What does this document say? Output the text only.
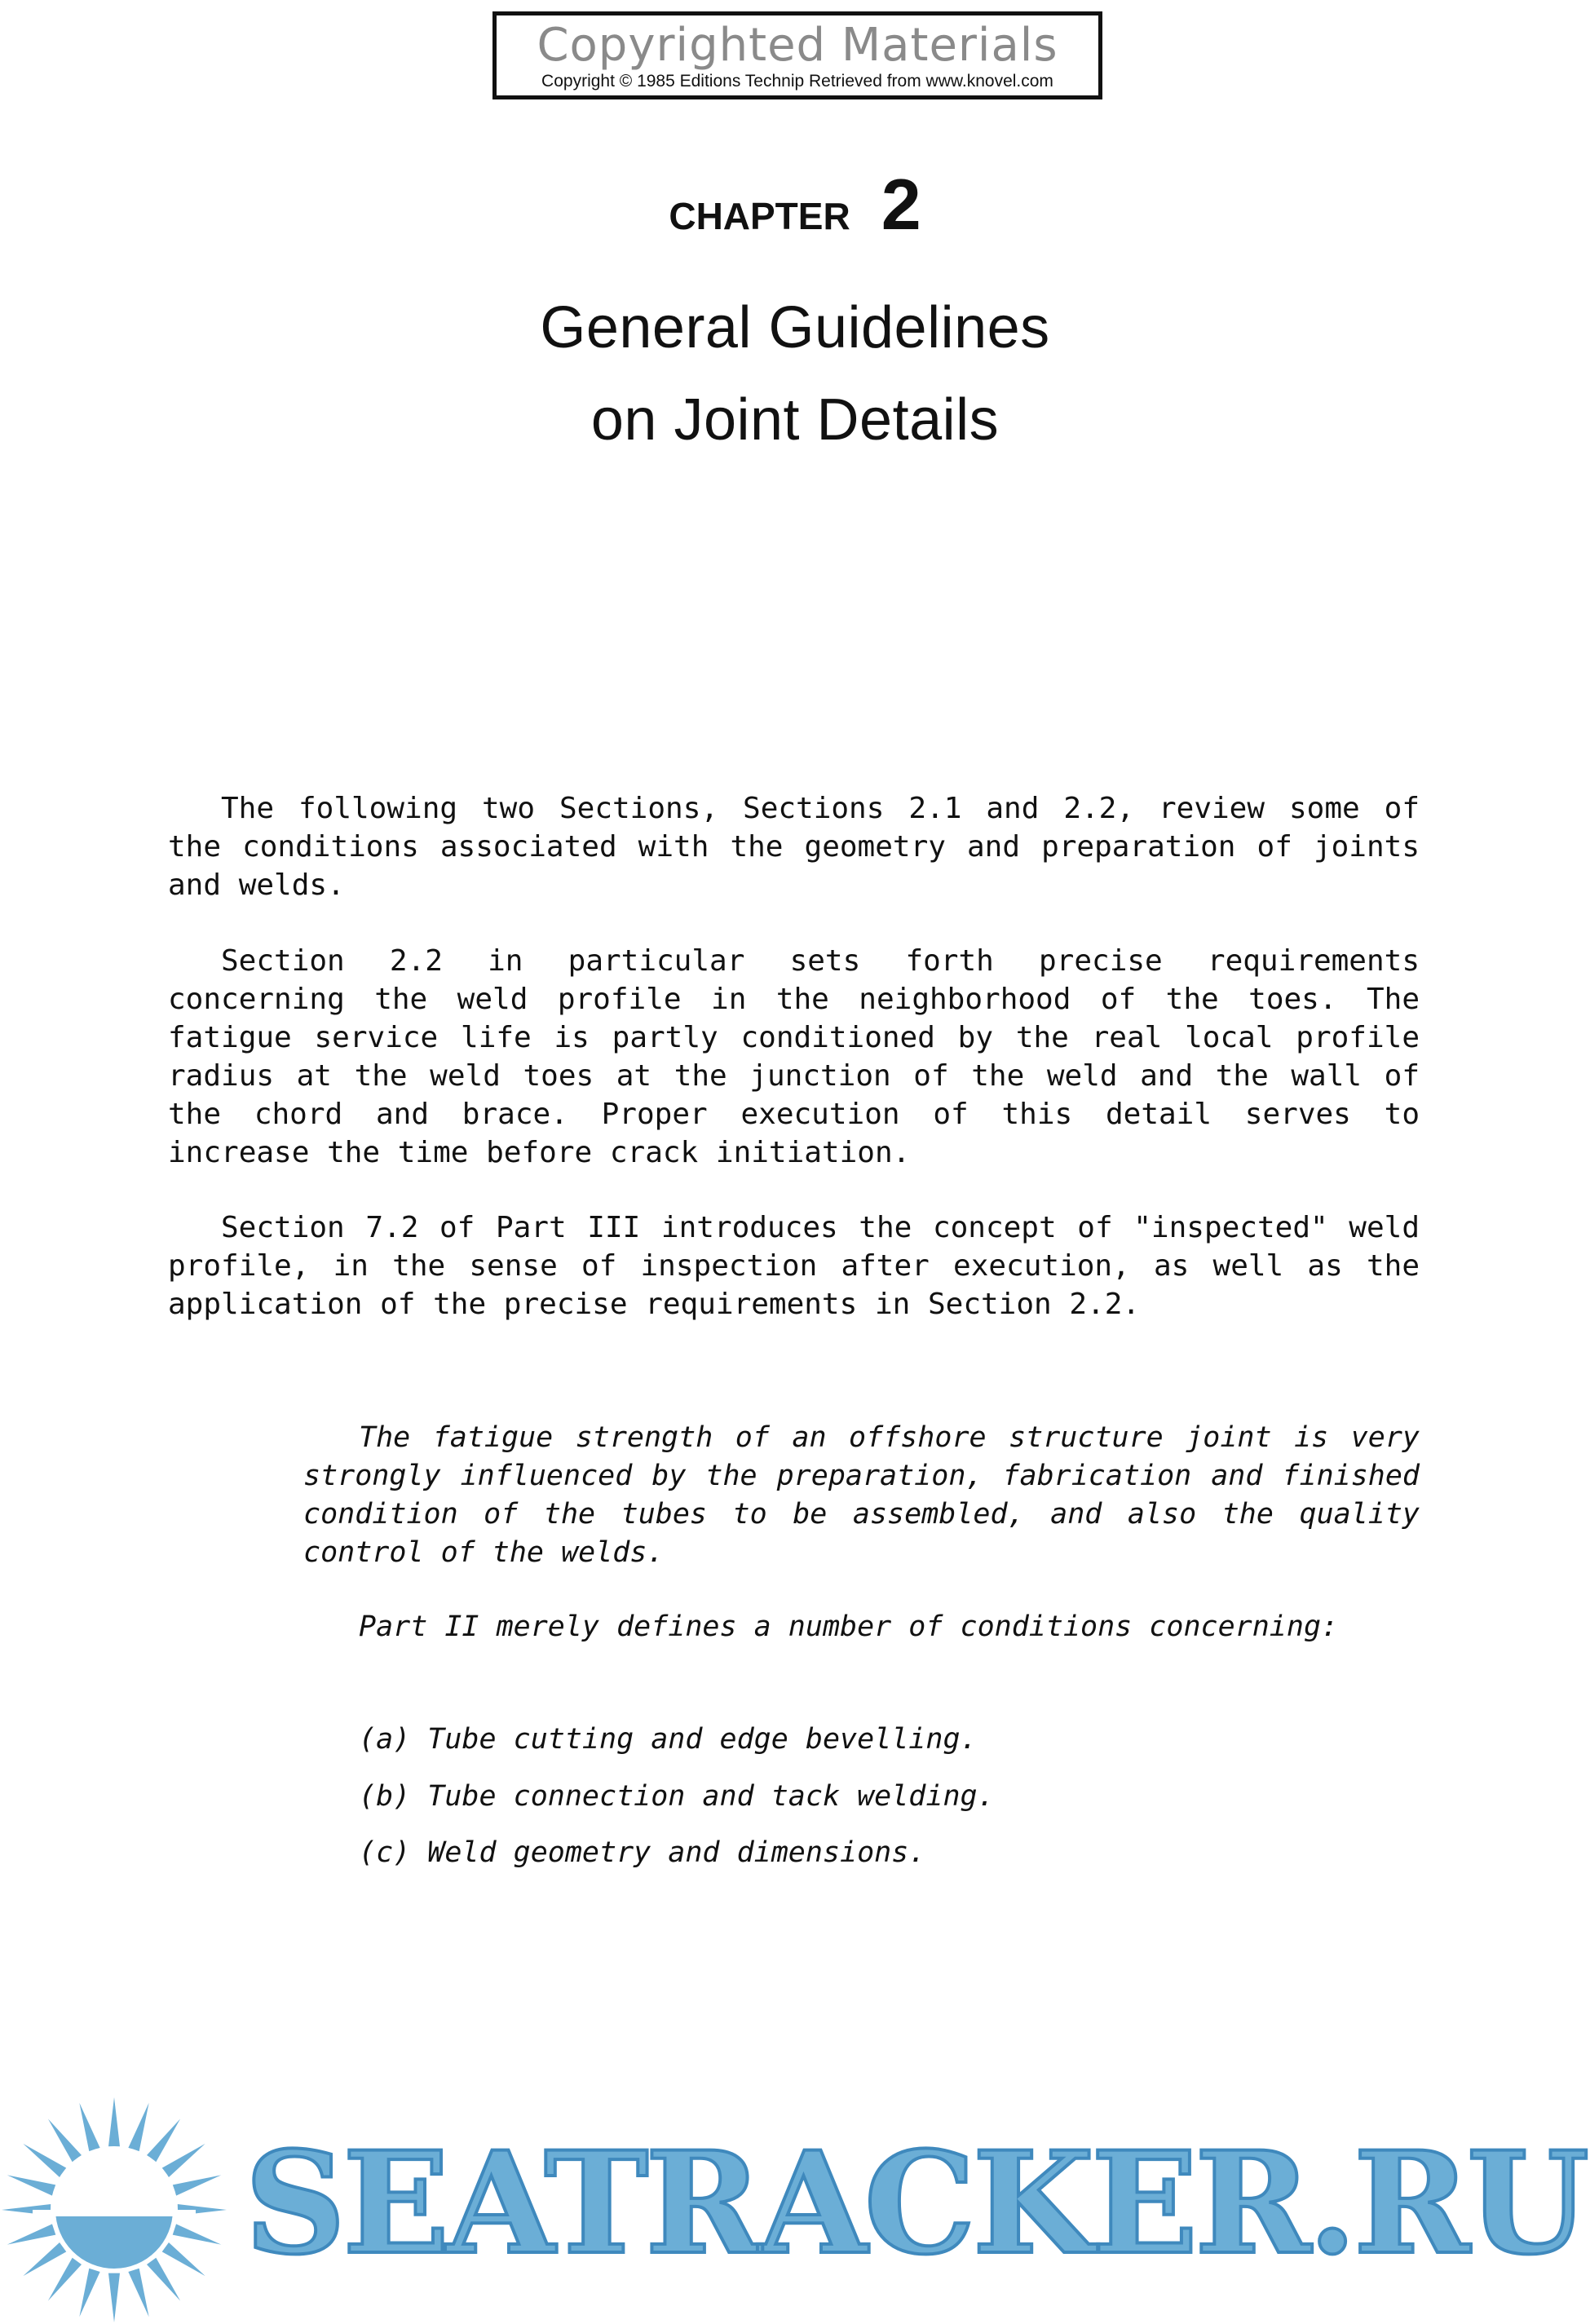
Copyrighted Materials
Copyright © 1985 Editions Technip Retrieved from www.knovel.com
CHAPTER 2
General Guidelines
on Joint Details

The following two Sections, Sections 2.1 and 2.2, review some of the conditions associated with the geometry and preparation of joints and welds.

Section 2.2 in particular sets forth precise requirements concerning the weld profile in the neighborhood of the toes. The fatigue service life is partly conditioned by the real local profile radius at the weld toes at the junction of the weld and the wall of the chord and brace. Proper execution of this detail serves to increase the time before crack initiation.

Section 7.2 of Part III introduces the concept of "inspected" weld profile, in the sense of inspection after execution, as well as the application of the precise requirements in Section 2.2.

The fatigue strength of an offshore structure joint is very strongly influenced by the preparation, fabrication and finished condition of the tubes to be assembled, and also the quality control of the welds.

Part II merely defines a number of conditions concerning:

(a) Tube cutting and edge bevelling.
(b) Tube connection and tack welding.
(c) Weld geometry and dimensions.
SEATRACKER.RU
